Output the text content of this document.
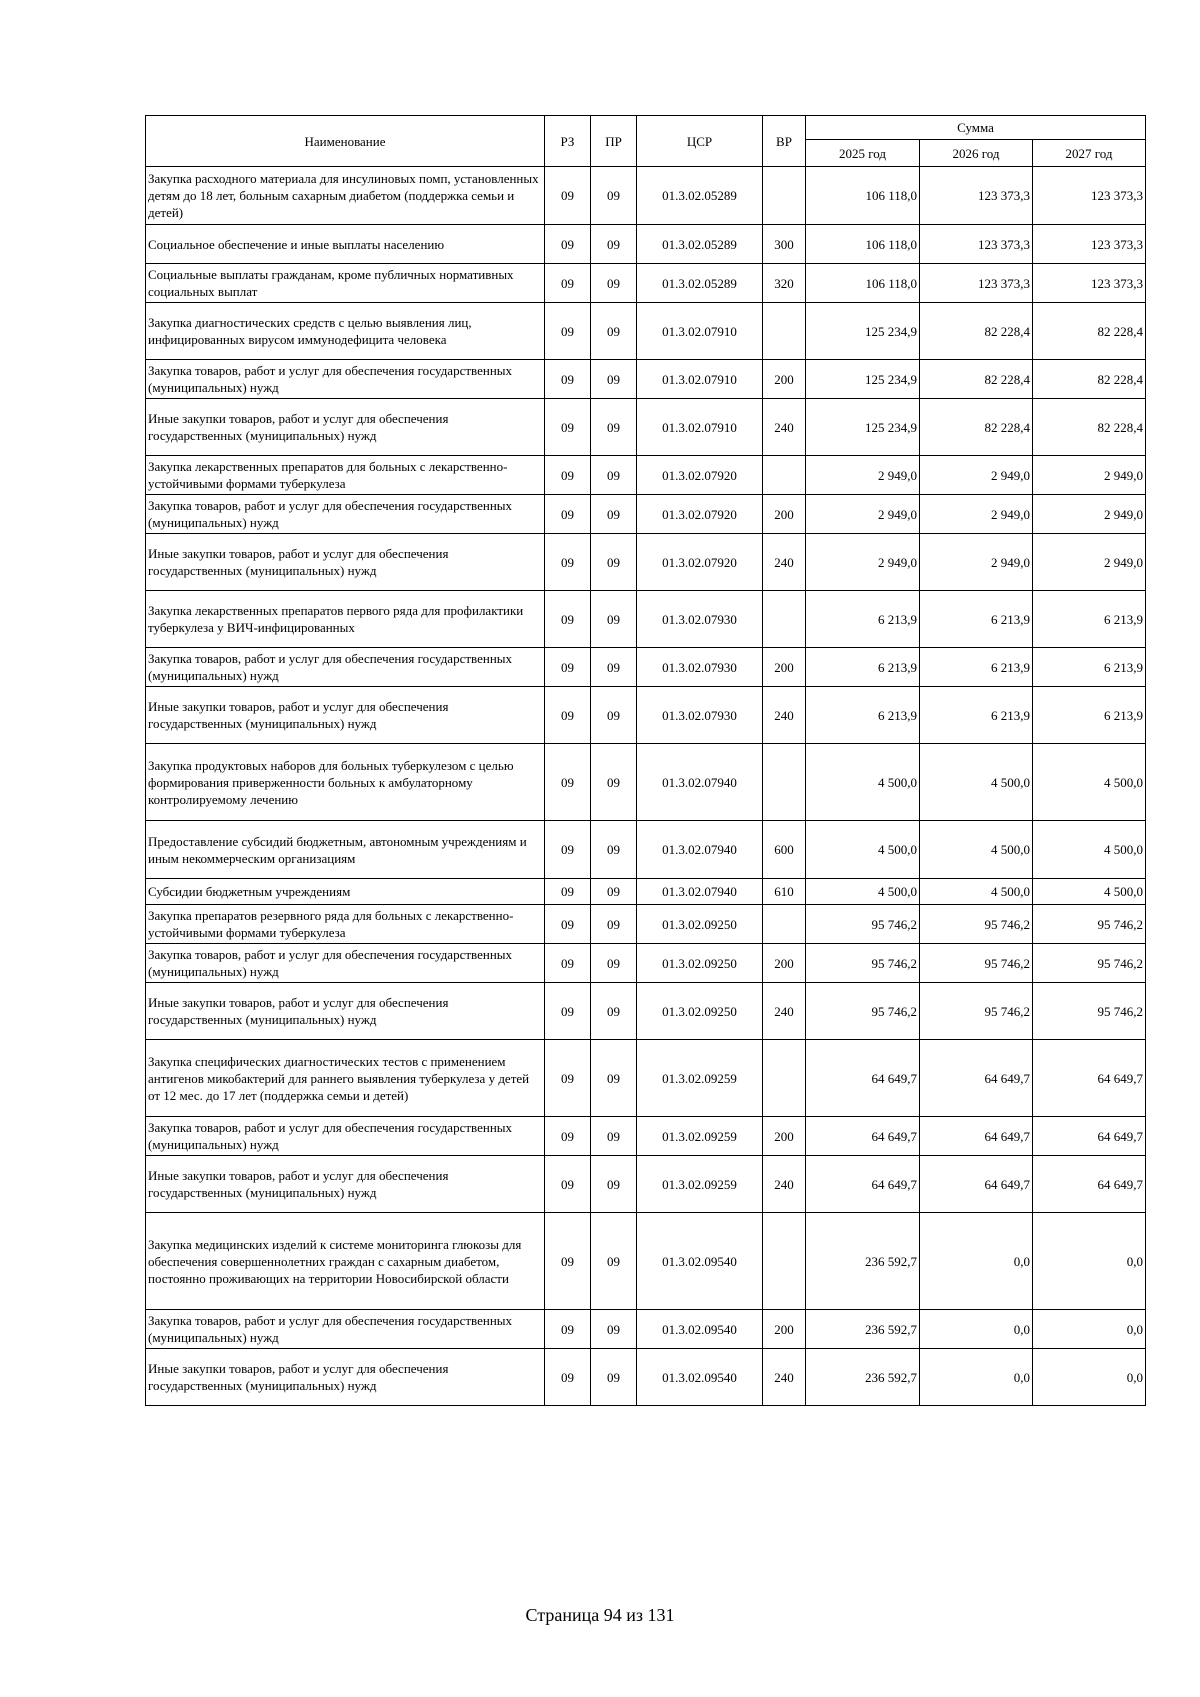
Наименование	РЗ	ПР	ЦСР	ВР	Сумма		
					2025 год	2026 год	2027 год
Закупка расходного материала для инсулиновых помп, установленных детям до 18 лет, больным сахарным диабетом (поддержка семьи и детей)	09	09	01.3.02.05289		106 118,0	123 373,3	123 373,3
Социальное обеспечение и иные выплаты населению	09	09	01.3.02.05289	300	106 118,0	123 373,3	123 373,3
Социальные выплаты гражданам, кроме публичных нормативных социальных выплат	09	09	01.3.02.05289	320	106 118,0	123 373,3	123 373,3
Закупка диагностических средств с целью выявления лиц, инфицированных вирусом иммунодефицита человека	09	09	01.3.02.07910		125 234,9	82 228,4	82 228,4
Закупка товаров, работ и услуг для обеспечения государственных (муниципальных) нужд	09	09	01.3.02.07910	200	125 234,9	82 228,4	82 228,4
Иные закупки товаров, работ и услуг для обеспечения государственных (муниципальных) нужд	09	09	01.3.02.07910	240	125 234,9	82 228,4	82 228,4
Закупка лекарственных препаратов для больных с лекарственно-устойчивыми формами туберкулеза	09	09	01.3.02.07920		2 949,0	2 949,0	2 949,0
Закупка товаров, работ и услуг для обеспечения государственных (муниципальных) нужд	09	09	01.3.02.07920	200	2 949,0	2 949,0	2 949,0
Иные закупки товаров, работ и услуг для обеспечения государственных (муниципальных) нужд	09	09	01.3.02.07920	240	2 949,0	2 949,0	2 949,0
Закупка лекарственных препаратов первого ряда для профилактики туберкулеза у ВИЧ-инфицированных	09	09	01.3.02.07930		6 213,9	6 213,9	6 213,9
Закупка товаров, работ и услуг для обеспечения государственных (муниципальных) нужд	09	09	01.3.02.07930	200	6 213,9	6 213,9	6 213,9
Иные закупки товаров, работ и услуг для обеспечения государственных (муниципальных) нужд	09	09	01.3.02.07930	240	6 213,9	6 213,9	6 213,9
Закупка продуктовых наборов для больных туберкулезом с целью формирования приверженности больных к амбулаторному контролируемому лечению	09	09	01.3.02.07940		4 500,0	4 500,0	4 500,0
Предоставление субсидий бюджетным, автономным учреждениям и иным некоммерческим организациям	09	09	01.3.02.07940	600	4 500,0	4 500,0	4 500,0
Субсидии бюджетным учреждениям	09	09	01.3.02.07940	610	4 500,0	4 500,0	4 500,0
Закупка препаратов резервного ряда для больных с лекарственно-устойчивыми формами туберкулеза	09	09	01.3.02.09250		95 746,2	95 746,2	95 746,2
Закупка товаров, работ и услуг для обеспечения государственных (муниципальных) нужд	09	09	01.3.02.09250	200	95 746,2	95 746,2	95 746,2
Иные закупки товаров, работ и услуг для обеспечения государственных (муниципальных) нужд	09	09	01.3.02.09250	240	95 746,2	95 746,2	95 746,2
Закупка специфических диагностических тестов с применением антигенов микобактерий для раннего выявления туберкулеза у детей от 12 мес. до 17 лет (поддержка семьи и детей)	09	09	01.3.02.09259		64 649,7	64 649,7	64 649,7
Закупка товаров, работ и услуг для обеспечения государственных (муниципальных) нужд	09	09	01.3.02.09259	200	64 649,7	64 649,7	64 649,7
Иные закупки товаров, работ и услуг для обеспечения государственных (муниципальных) нужд	09	09	01.3.02.09259	240	64 649,7	64 649,7	64 649,7
Закупка медицинских изделий к системе мониторинга глюкозы для обеспечения совершеннолетних граждан с сахарным диабетом, постоянно проживающих на территории Новосибирской области	09	09	01.3.02.09540		236 592,7	0,0	0,0
Закупка товаров, работ и услуг для обеспечения государственных (муниципальных) нужд	09	09	01.3.02.09540	200	236 592,7	0,0	0,0
Иные закупки товаров, работ и услуг для обеспечения государственных (муниципальных) нужд	09	09	01.3.02.09540	240	236 592,7	0,0	0,0
Страница 94 из 131
